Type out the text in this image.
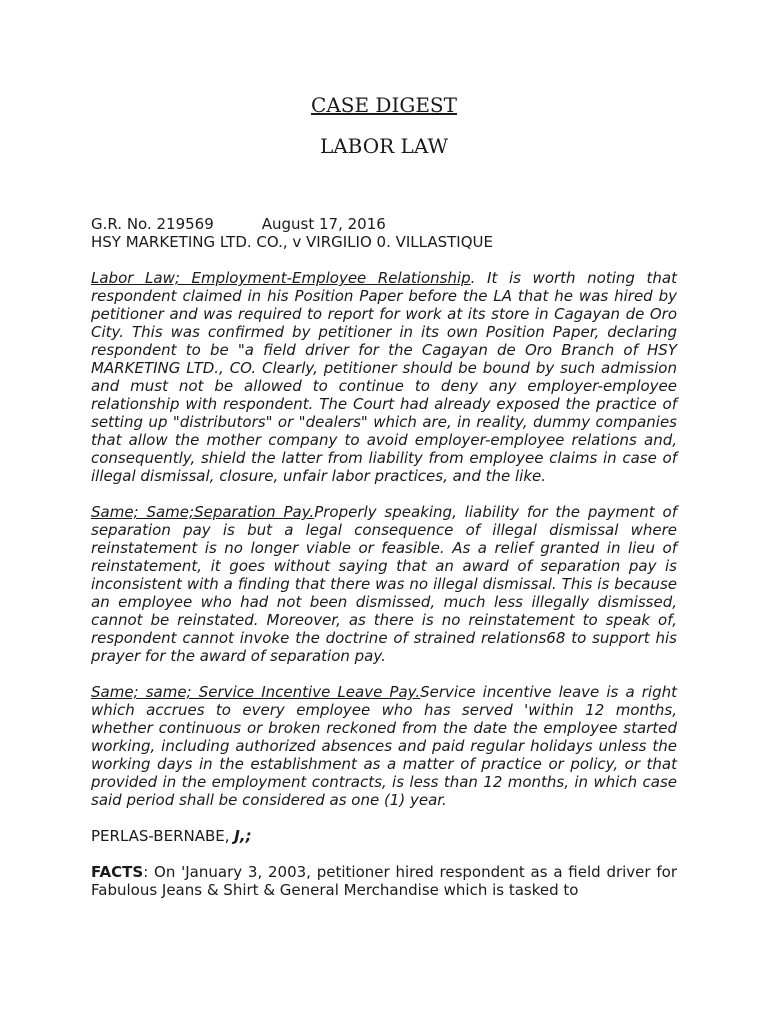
CASE DIGEST
LABOR LAW
G.R. No. 219569	August 17, 2016
HSY MARKETING LTD. CO., v VIRGILIO 0. VILLASTIQUE

Labor Law; Employment-Employee Relationship. It is worth noting that respondent claimed in his Position Paper before the LA that he was hired by petitioner and was required to report for work at its store in Cagayan de Oro City. This was confirmed by petitioner in its own Position Paper, declaring respondent to be "a field driver for the Cagayan de Oro Branch of HSY MARKETING LTD., CO. Clearly, petitioner should be bound by such admission and must not be allowed to continue to deny any employer-employee relationship with respondent. The Court had already exposed the practice of setting up "distributors" or "dealers" which are, in reality, dummy companies that allow the mother company to avoid employer-employee relations and, consequently, shield the latter from liability from employee claims in case of illegal dismissal, closure, unfair labor practices, and the like.

Same; Same;Separation Pay.Properly speaking, liability for the payment of separation pay is but a legal consequence of illegal dismissal where reinstatement is no longer viable or feasible. As a relief granted in lieu of reinstatement, it goes without saying that an award of separation pay is inconsistent with a finding that there was no illegal dismissal. This is because an employee who had not been dismissed, much less illegally dismissed, cannot be reinstated. Moreover, as there is no reinstatement to speak of, respondent cannot invoke the doctrine of strained relations68 to support his prayer for the award of separation pay.

Same; same; Service Incentive Leave Pay.Service incentive leave is a right which accrues to every employee who has served 'within 12 months, whether continuous or broken reckoned from the date the employee started working, including authorized absences and paid regular holidays unless the working days in the establishment as a matter of practice or policy, or that provided in the employment contracts, is less than 12 months, in which case said period shall be considered as one (1) year.

PERLAS-BERNABE, J,;
FACTS: On 'January 3, 2003, petitioner hired respondent as a field driver for Fabulous Jeans & Shirt & General Merchandise which is tasked to
